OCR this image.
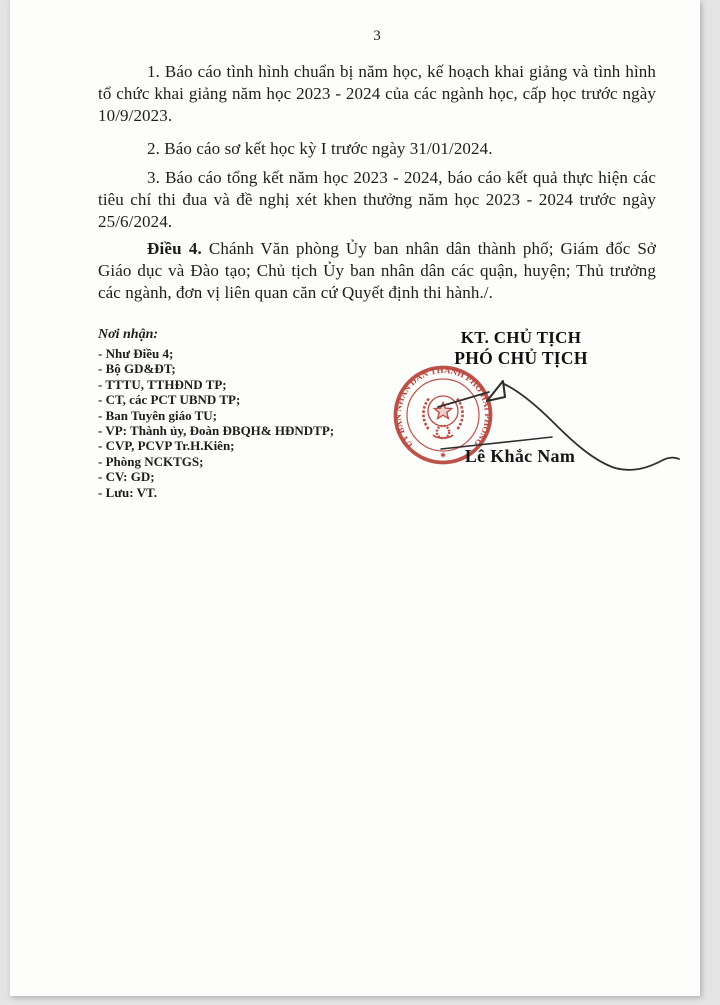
3

1. Báo cáo tình hình chuẩn bị năm học, kế hoạch khai giảng và tình hình tổ chức khai giảng năm học 2023 - 2024 của các ngành học, cấp học trước ngày 10/9/2023.

2. Báo cáo sơ kết học kỳ I trước ngày 31/01/2024.

3. Báo cáo tổng kết năm học 2023 - 2024, báo cáo kết quả thực hiện các tiêu chí thi đua và đề nghị xét khen thưởng năm học 2023 - 2024 trước ngày 25/6/2024.

Điều 4. Chánh Văn phòng Ủy ban nhân dân thành phố; Giám đốc Sở Giáo dục và Đào tạo; Chủ tịch Ủy ban nhân dân các quận, huyện; Thủ trưởng các ngành, đơn vị liên quan căn cứ Quyết định thi hành./.

Nơi nhận:
- Như Điều 4;
- Bộ GD&ĐT;
- TTTU, TTHĐND TP;
- CT, các PCT UBND TP;
- Ban Tuyên giáo TU;
- VP: Thành ủy, Đoàn ĐBQH& HĐNDTP;
- CVP, PCVP Tr.H.Kiên;
- Phòng NCKTGS;
- CV: GD;
- Lưu: VT.
KT. CHỦ TỊCH
PHÓ CHỦ TỊCH
ỦY BAN NHÂN DÂN THÀNH PHỐ HẢI PHÒNG
✱	Lê Khắc Nam
